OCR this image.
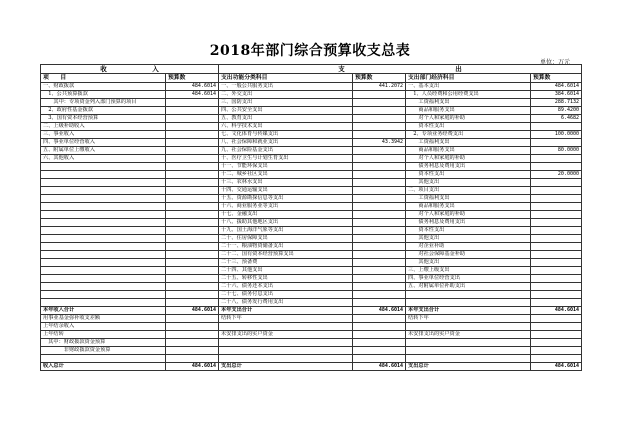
2018年部门综合预算收支总表
单位：万元
收　　　　　　　入		支　　　　　　　　　　　　　　　　　出			
项　　目	预算数	支出功能分类科目	预算数	支出部门经济科目	预算数
一、财政拨款	484.6014	一、一般公共服务支出	441.2072	一、基本支出	484.6014
　1、公共预算拨款	484.6014	二、外交支出		　1、人员经费和公用经费支出	384.6014
　　其中：专项资金列入部门预算的项目		三、国防支出		　　工资福利支出	288.7132
　2、政府性基金拨款		四、公共安全支出		　　商品和服务支出	89.4200
　3、国有资本经营预算		五、教育支出		　　对个人和家庭的补助	6.4682
二、上级补助收入		六、科学技术支出		　　资本性支出	
三、事业收入		七、文化体育与传媒支出		　2、专项业务经费支出	100.0000
四、事业单位经营收入		八、社会保障和就业支出	43.3942	　　工资福利支出	
五、附属单位上缴收入		九、社会保险基金支出		　　商品和服务支出	80.0000
六、其他收入		十、医疗卫生与计划生育支出		　　对个人和家庭的补助	
		十一、节能环保支出		　　债务利息及费用支出	
		十二、城乡社区支出		　　资本性支出	20.0000
		十三、农林水支出		　　其他支出	
		十四、交通运输支出		二、项目支出	
		十五、资源勘探信息等支出		　　工资福利支出	
		十六、商业服务业等支出		　　商品和服务支出	
		十七、金融支出		　　对个人和家庭的补助	
		十八、援助其他地区支出		　　债务利息及费用支出	
		十九、国土海洋气象等支出		　　资本性支出	
		二十、住房保障支出		　　其他支出	
		二十一、粮油物资储备支出		　　对企业补助	
		二十二、国有资本经营预算支出		　　对社会保障基金补助	
		二十三、预备费		　　其他支出	
		二十四、其他支出		三、上缴上级支出	
		二十五、转移性支出		四、事业单位经营支出	
		二十六、债务还本支出		五、对附属单位补助支出	
		二十七、债务付息支出			
		二十八、债务发行费用支出			
本年收入合计	484.6014	本年支出合计	484.6014	本年支出合计	484.6014
用事业基金弥补收支差额		结转下年		结转下年	
上年结余收入					
上年结转		未安排支出的实户资金		未安排支出的实户资金	
　其中：财政拨款资金预算					
　　　　非财政拨款资金预算					

收入总计	484.6014	支出总计	484.6014	支出总计	484.6014
